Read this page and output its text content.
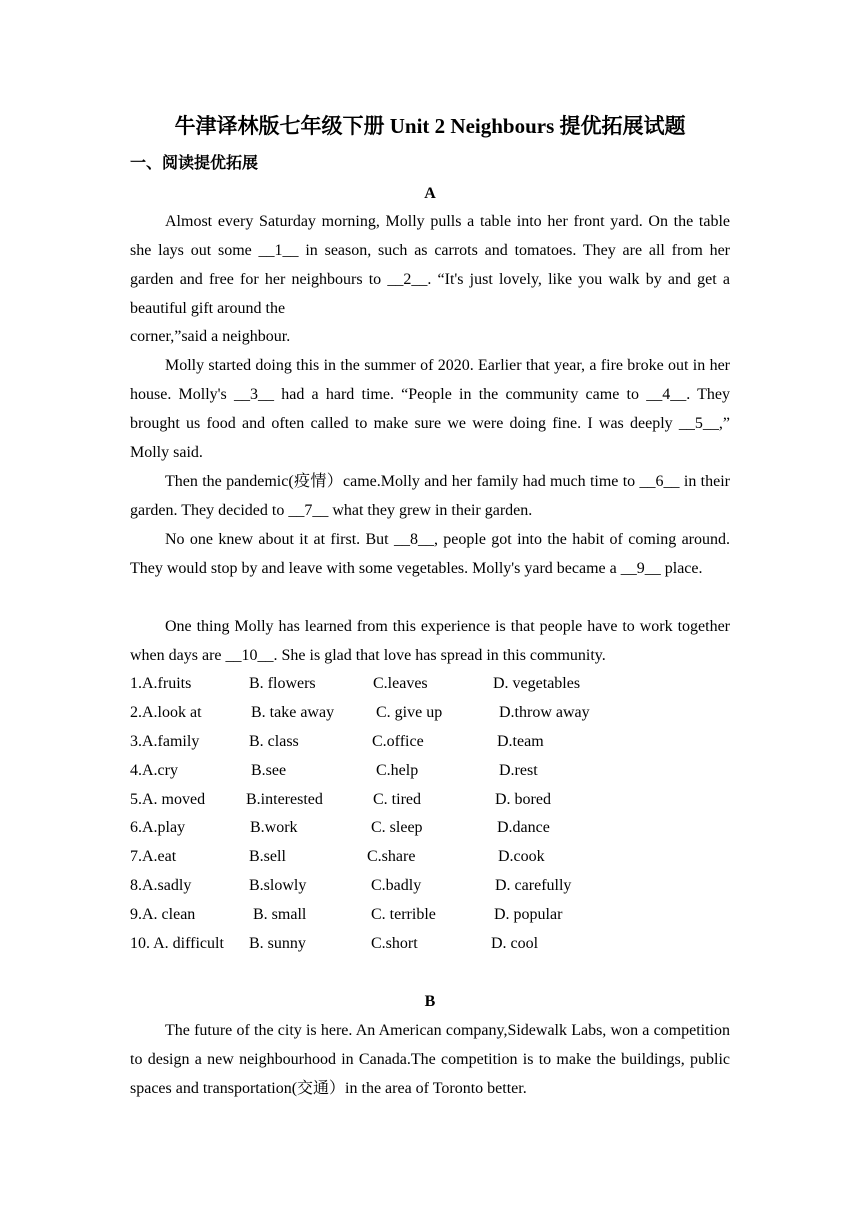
牛津译林版七年级下册 Unit 2 Neighbours 提优拓展试题
一、阅读提优拓展
A

Almost every Saturday morning, Molly pulls a table into her front yard. On the table she lays out some __1__ in season, such as carrots and tomatoes. They are all from her garden and free for her neighbours to __2__. “It's just lovely, like you walk by and get a beautiful gift around the

corner,”said a neighbour.

Molly started doing this in the summer of 2020. Earlier that year, a fire broke out in her house. Molly's __3__ had a hard time. “People in the community came to __4__. They brought us food and often called to make sure we were doing fine. I was deeply __5__,” Molly said.

Then the pandemic(疫情）came.Molly and her family had much time to __6__ in their garden. They decided to __7__ what they grew in their garden.

No one knew about it at first. But __8__, people got into the habit of coming around. They would stop by and leave with some vegetables. Molly's yard became a __9__ place.

One thing Molly has learned from this experience is that people have to work together when days are __10__. She is glad that love has spread in this community.

1.A.fruits	B. flowers	C.leaves	D. vegetables
2.A.look at	B. take away	C. give up	D.throw away
3.A.family	B. class	C.office	D.team
4.A.cry	B.see	C.help	D.rest
5.A. moved	B.interested	C. tired	D. bored
6.A.play	B.work	C. sleep	D.dance
7.A.eat	B.sell	C.share	D.cook
8.A.sadly	B.slowly	C.badly	D. carefully
9.A. clean	B. small	C. terrible	D. popular
10. A. difficult B. sunny	C.short	D. cool
B

The future of the city is here. An American company,Sidewalk Labs, won a competition to design a new neighbourhood in Canada.The competition is to make the buildings, public spaces and transportation(交通）in the area of Toronto better.
